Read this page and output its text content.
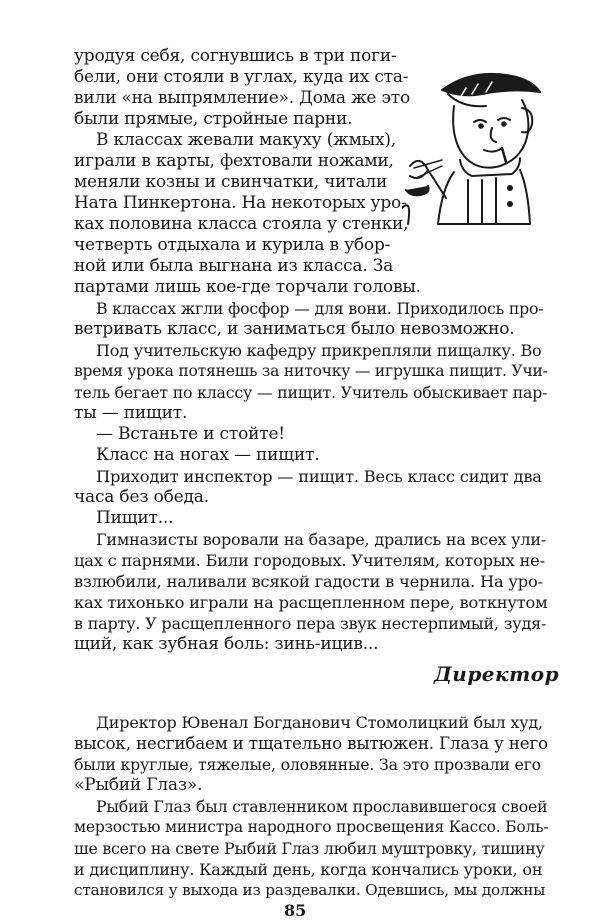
уродуя себя, согнувшись в три поги-
бели, они стояли в углах, куда их ста-
вили «на выпрямление». Дома же это
были прямые, стройные парни.
В классах жевали макуху (жмых),
играли в карты, фехтовали ножами,
меняли козны и свинчатки, читали
Ната Пинкертона. На некоторых уро-
ках половина класса стояла у стенки,
четверть отдыхала и курила в убор-
ной или была выгнана из класса. За
партами лишь кое-где торчали головы.
В классах жгли фосфор — для вони. Приходилось про-
ветривать класс, и заниматься было невозможно.
Под учительскую кафедру прикрепляли пищалку. Во
время урока потянешь за ниточку — игрушка пищит. Учи-
тель бегает по классу — пищит. Учитель обыскивает пар-
ты — пищит.
— Встаньте и стойте!
Класс на ногах — пищит.
Приходит инспектор — пищит. Весь класс сидит два
часа без обеда.
Пищит...
Гимназисты воровали на базаре, дрались на всех ули-
цах с парнями. Били городовых. Учителям, которых не-
взлюбили, наливали всякой гадости в чернила. На уро-
ках тихонько играли на расщепленном пере, воткнутом
в парту. У расщепленного пера звук нестерпимый, зудя-
щий, как зубная боль: зинь-ицив...
Директор
Директор Ювенал Богданович Стомолицкий был худ,
высок, несгибаем и тщательно вытюжен. Глаза у него
были круглые, тяжелые, оловянные. За это прозвали его
«Рыбий Глаз».
Рыбий Глаз был ставленником прославившегося своей
мерзостью министра народного просвещения Кассо. Боль-
ше всего на свете Рыбий Глаз любил муштровку, тишину
и дисциплину. Каждый день, когда кончались уроки, он
становился у выхода из раздевалки. Одевшись, мы должны
85
